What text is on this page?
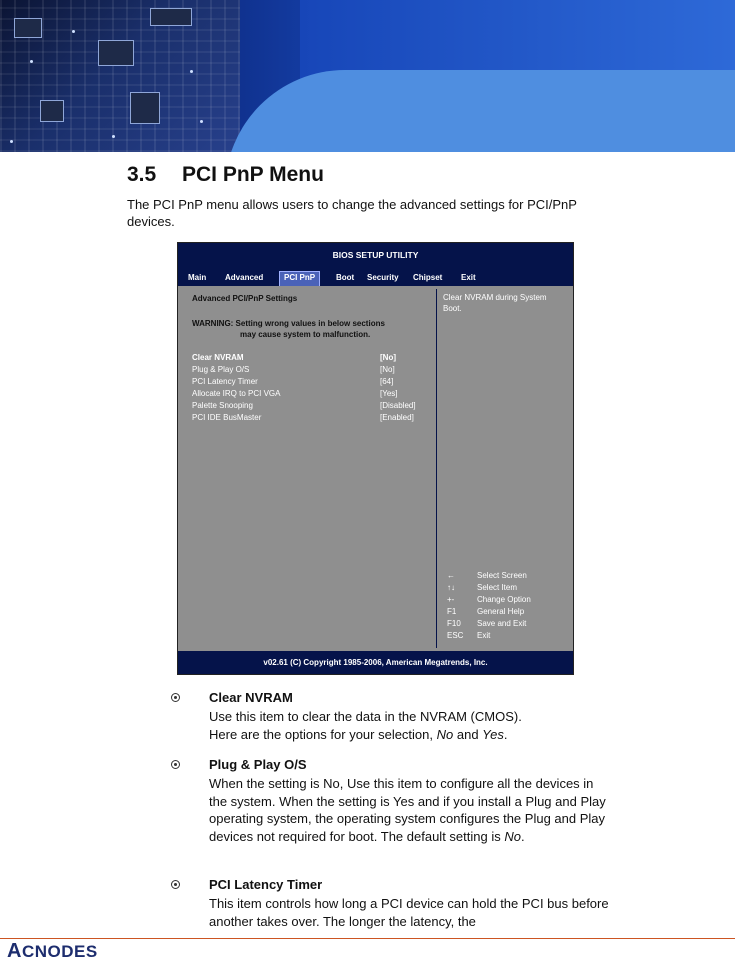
3.5 PCI PnP Menu
The PCI PnP menu allows users to change the advanced settings for PCI/PnP devices.
BIOS SETUP UTILITY
Main Advanced	PCI PnP	Boot Security Chipset Exit
Advanced PCI/PnP Settings
WARNING: Setting wrong values in below sections
may cause system to malfunction.
Clear NVRAM	[No]
Plug & Play O/S	[No]
PCI Latency Timer	[64]
Allocate IRQ to PCI VGA	[Yes]
Palette Snooping	[Disabled]
PCI IDE BusMaster	[Enabled]
Clear NVRAM during System Boot.
←	Select Screen
↑↓	Select Item
+-	Change Option
F1	General Help
F10 Save and Exit
ESC Exit
v02.61 (C) Copyright 1985-2006, American Megatrends, Inc.
Clear NVRAM
Use this item to clear the data in the NVRAM (CMOS).
Here are the options for your selection, No and Yes.
Plug & Play O/S
When the setting is No, Use this item to configure all the devices in the system. When the setting is Yes and if you install a Plug and Play operating system, the operating system configures the Plug and Play devices not required for boot. The default setting is No.
PCI Latency Timer
This item controls how long a PCI device can hold the PCI bus before another takes over. The longer the latency, the
ACNODES
